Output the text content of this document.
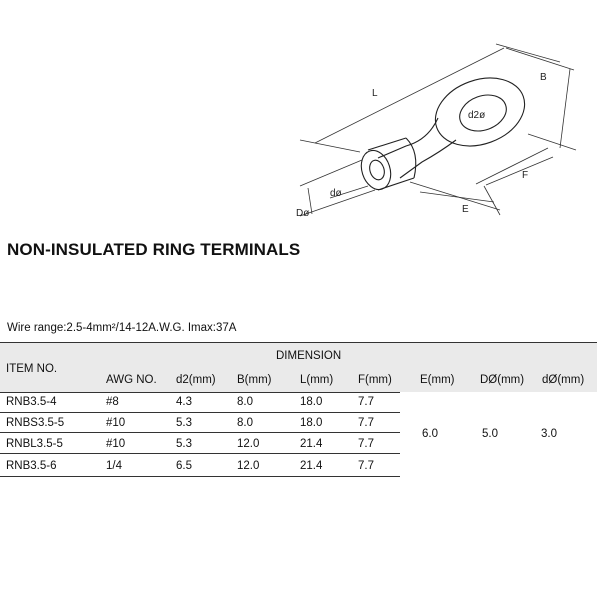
L
B
d2ø
F
E
dø
Dø
NON-INSULATED RING TERMINALS
Wire range:2.5-4mm²/14-12A.W.G. Imax:37A
DIMENSION
ITEM NO.
AWG NO. d2(mm) B(mm) L(mm) F(mm) E(mm) DØ(mm) dØ(mm)
RNB3.5-4	#8	4.3	8.0	18.0	7.7
RNBS3.5-5	#10	5.3	8.0	18.0	7.7
RNBL3.5-5	#10	5.3	12.0	21.4	7.7
RNB3.5-6	1/4	6.5	12.0	21.4	7.7
6.0	5.0	3.0
